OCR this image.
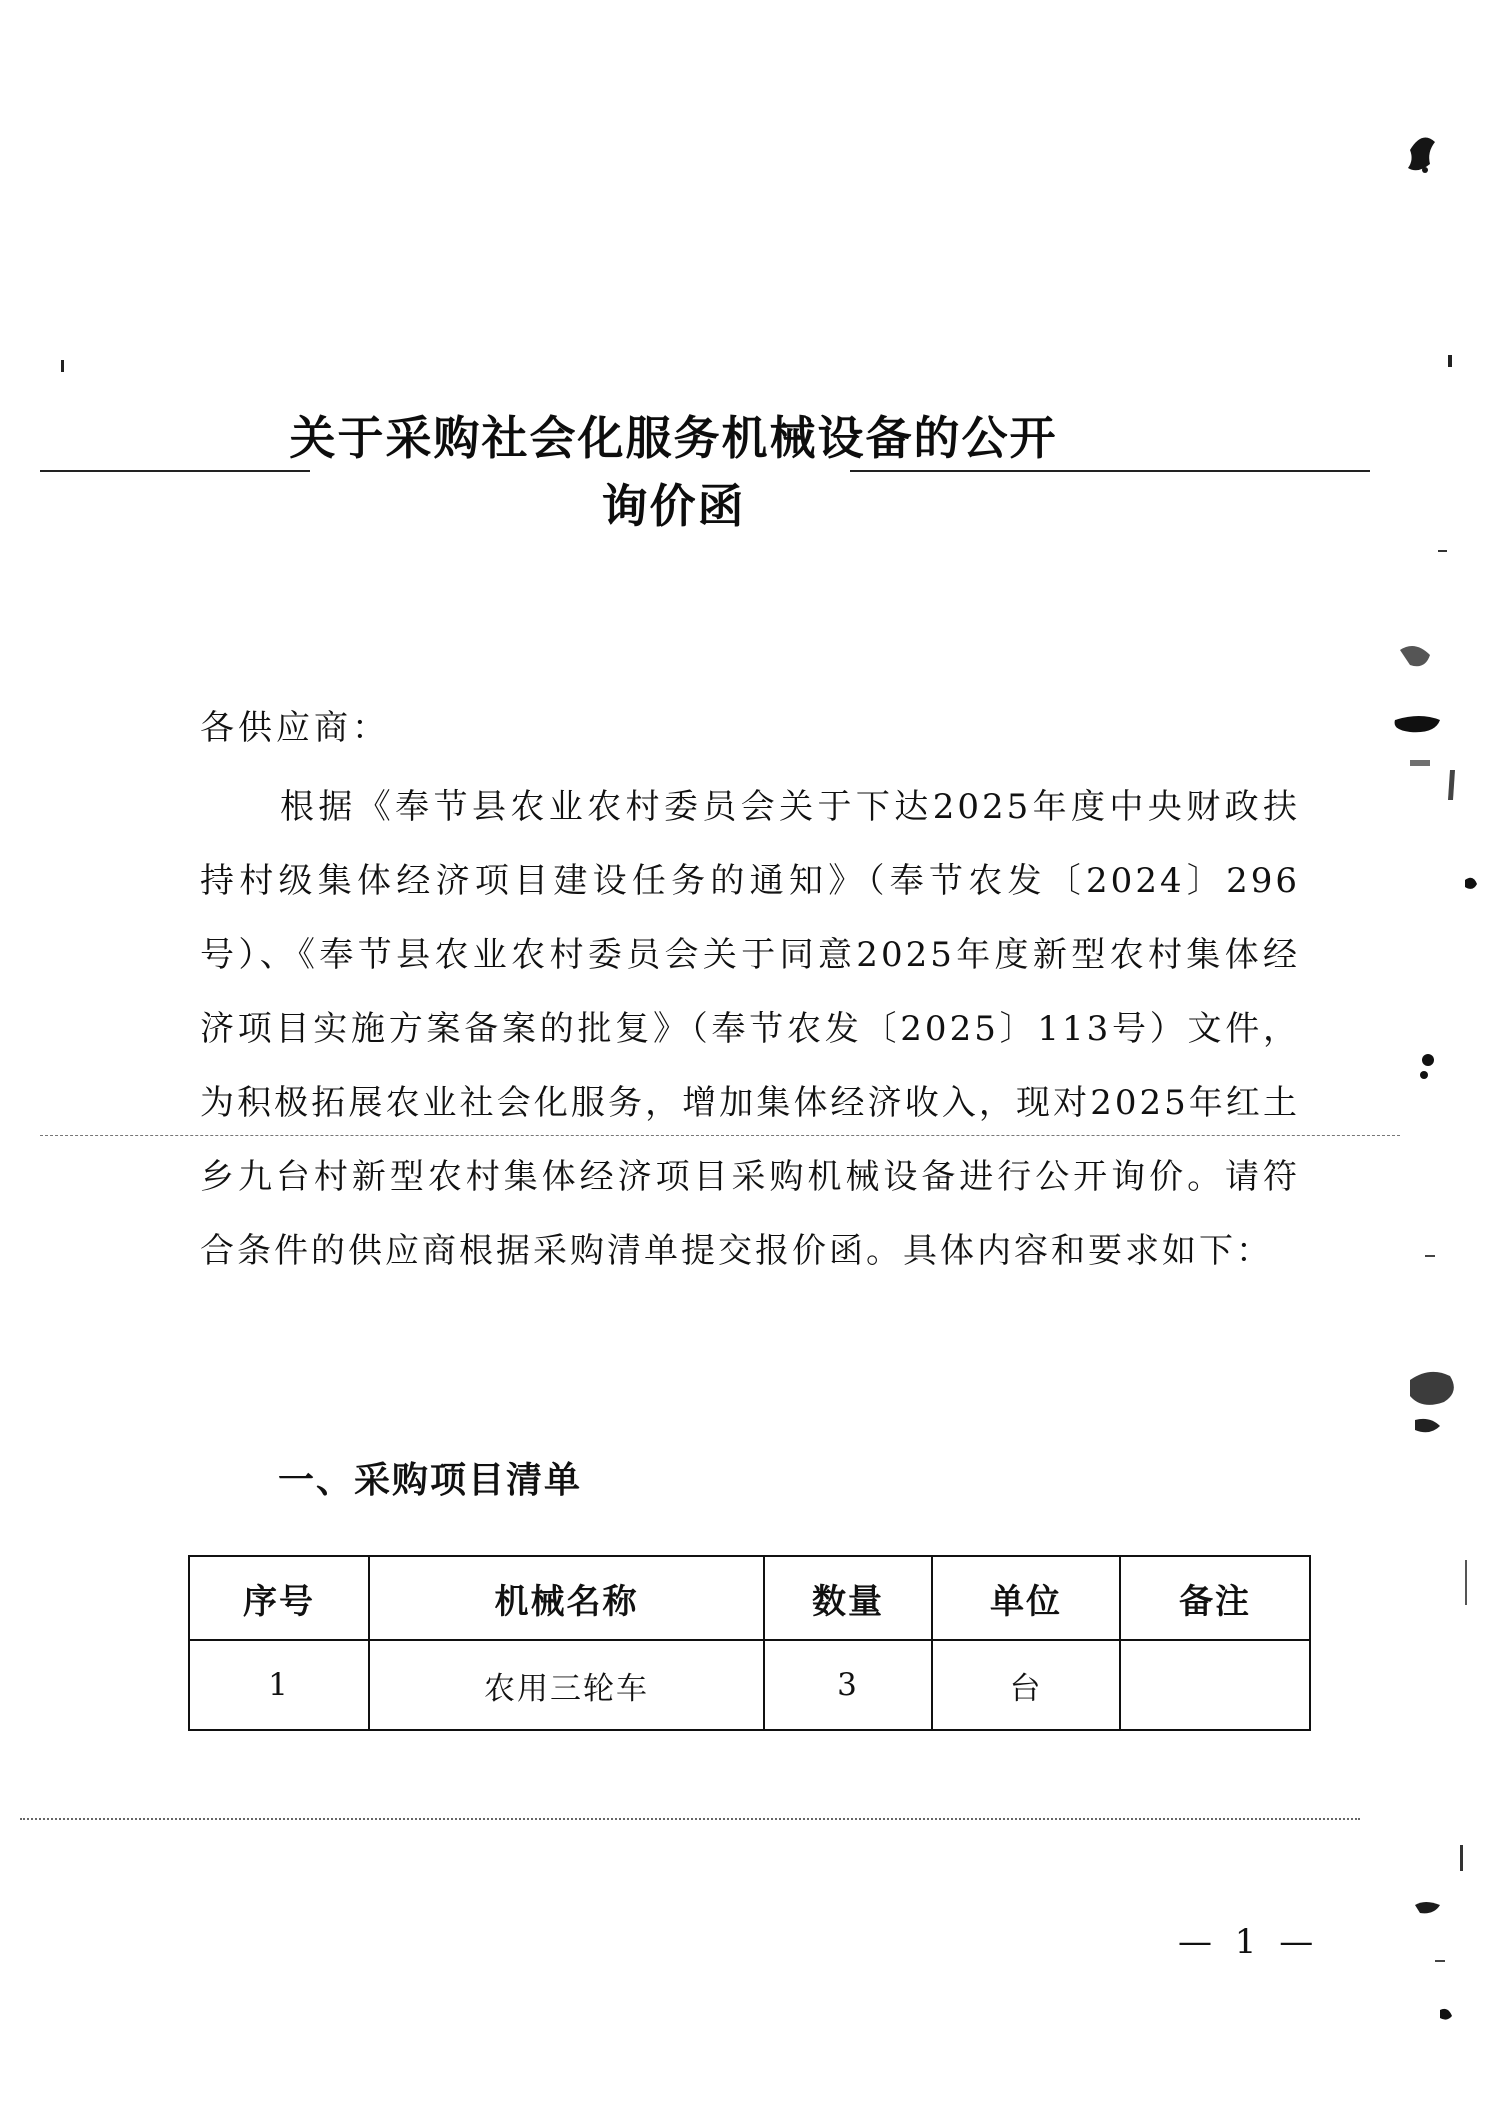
关于采购社会化服务机械设备的公开
询价函
各供应商：

根据《奉节县农业农村委员会关于下达2025年度中央财政扶持村级集体经济项目建设任务的通知》（奉节农发〔2024〕296号）、《奉节县农业农村委员会关于同意2025年度新型农村集体经济项目实施方案备案的批复》（奉节农发〔2025〕113号）文件，为积极拓展农业社会化服务，增加集体经济收入，现对2025年红土乡九台村新型农村集体经济项目采购机械设备进行公开询价。请符合条件的供应商根据采购清单提交报价函。具体内容和要求如下：

一、采购项目清单
序号	机械名称	数量	单位	备注
1	农用三轮车	3	台	
— 1 —
